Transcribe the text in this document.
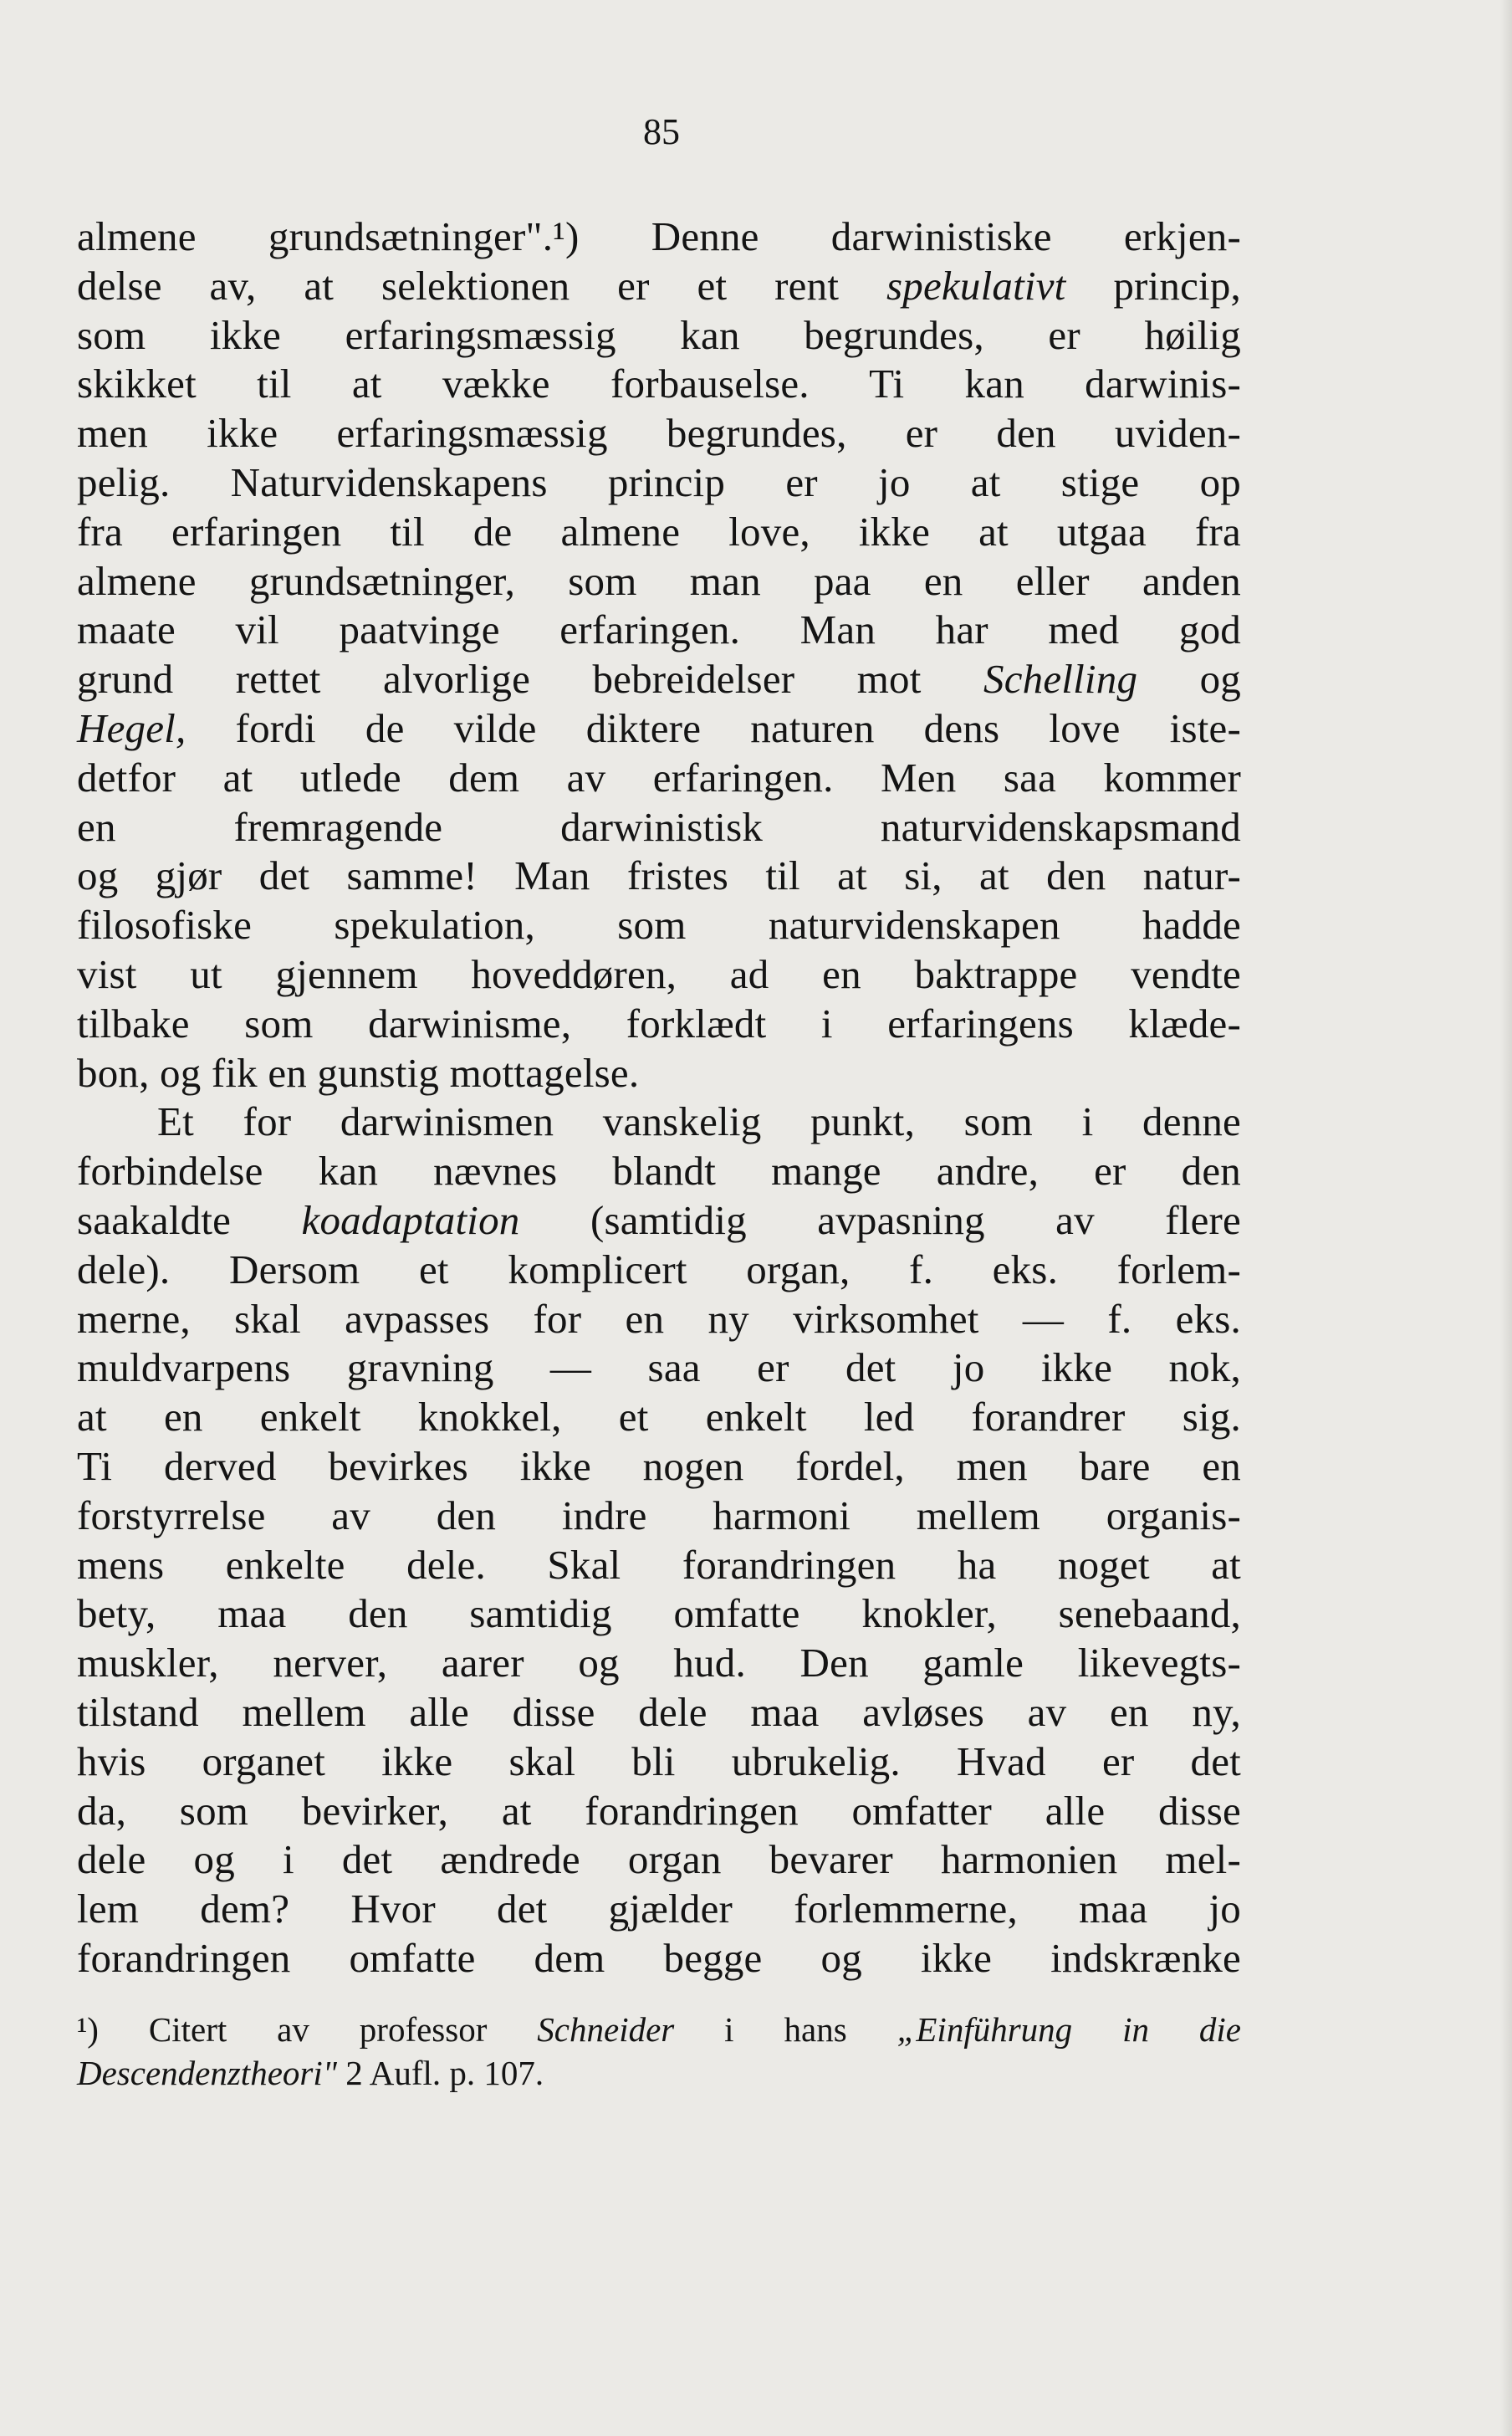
85
almene grundsætninger".¹) Denne darwinistiske erkjen-
delse av, at selektionen er et rent spekulativt princip,
som ikke erfaringsmæssig kan begrundes, er høilig
skikket til at vække forbauselse. Ti kan darwinis-
men ikke erfaringsmæssig begrundes, er den uviden-
pelig. Naturvidenskapens princip er jo at stige op
fra erfaringen til de almene love, ikke at utgaa fra
almene grundsætninger, som man paa en eller anden
maate vil paatvinge erfaringen. Man har med god
grund rettet alvorlige bebreidelser mot Schelling og
Hegel, fordi de vilde diktere naturen dens love iste-
detfor at utlede dem av erfaringen. Men saa kommer
en fremragende darwinistisk naturvidenskapsmand
og gjør det samme! Man fristes til at si, at den natur-
filosofiske spekulation, som naturvidenskapen hadde
vist ut gjennem hoveddøren, ad en baktrappe vendte
tilbake som darwinisme, forklædt i erfaringens klæde-
bon, og fik en gunstig mottagelse.
Et for darwinismen vanskelig punkt, som i denne
forbindelse kan nævnes blandt mange andre, er den
saakaldte koadaptation (samtidig avpasning av flere
dele). Dersom et komplicert organ, f. eks. forlem-
merne, skal avpasses for en ny virksomhet — f. eks.
muldvarpens gravning — saa er det jo ikke nok,
at en enkelt knokkel, et enkelt led forandrer sig.
Ti derved bevirkes ikke nogen fordel, men bare en
forstyrrelse av den indre harmoni mellem organis-
mens enkelte dele. Skal forandringen ha noget at
bety, maa den samtidig omfatte knokler, senebaand,
muskler, nerver, aarer og hud. Den gamle likevegts-
tilstand mellem alle disse dele maa avløses av en ny,
hvis organet ikke skal bli ubrukelig. Hvad er det
da, som bevirker, at forandringen omfatter alle disse
dele og i det ændrede organ bevarer harmonien mel-
lem dem? Hvor det gjælder forlemmerne, maa jo
forandringen omfatte dem begge og ikke indskrænke
¹) Citert av professor Schneider i hans „Einführung in die
Descendenztheori" 2 Aufl. p. 107.
